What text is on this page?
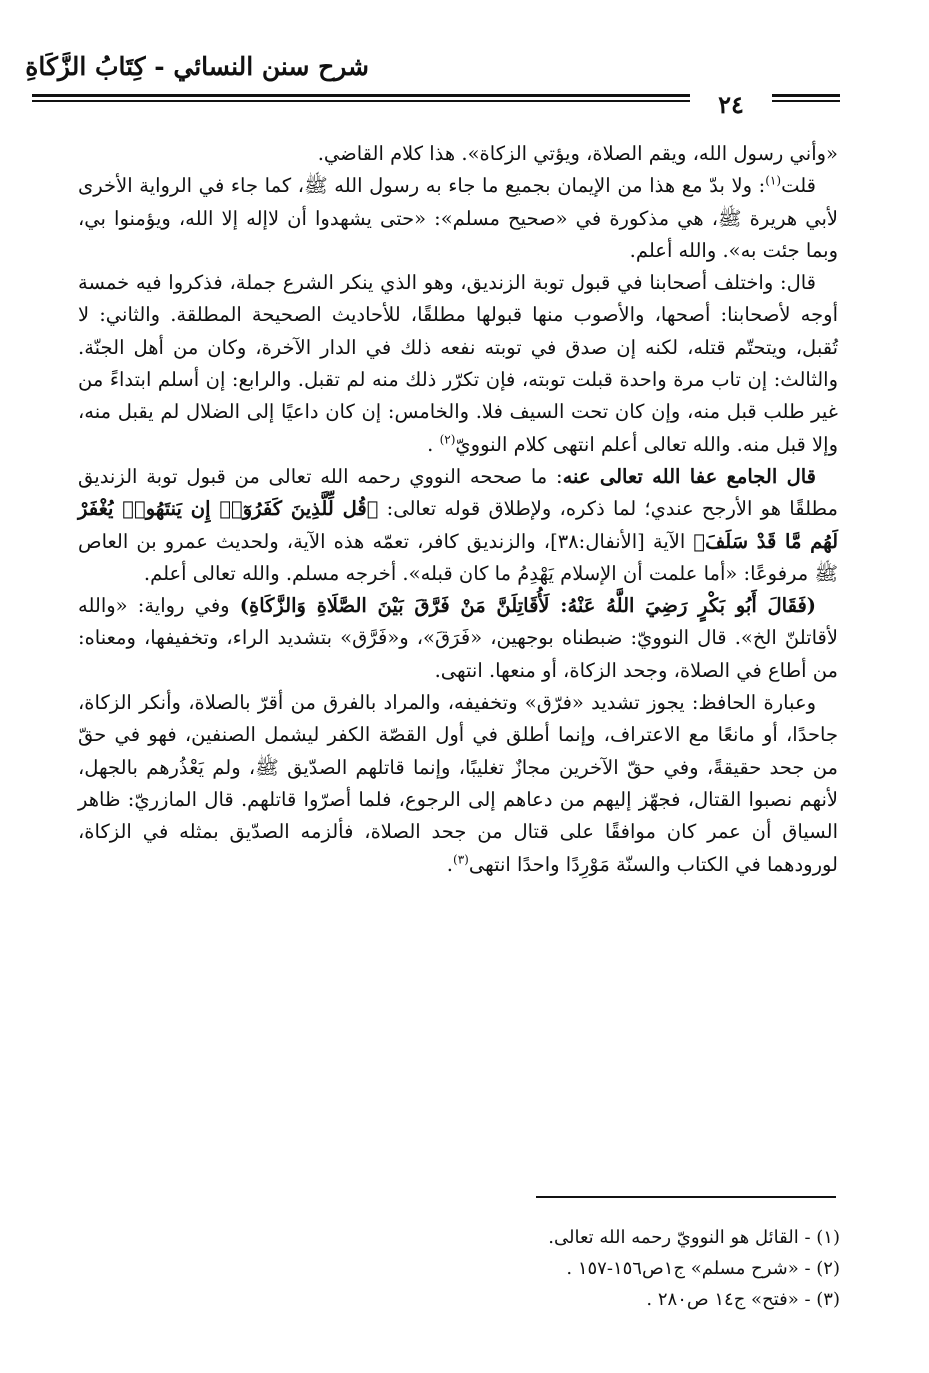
شرح سنن النسائي - كِتَابُ الزَّكَاةِ
٢٤

«وأني رسول الله، ويقم الصلاة، ويؤتي الزكاة». هذا كلام القاضي.

قلت$^{(١)}$: ولا بدّ مع هذا من الإيمان بجميع ما جاء به رسول الله ﷺ، كما جاء في الرواية الأخرى لأبي هريرة ﷺ، هي مذكورة في «صحيح مسلم»: «حتى يشهدوا أن لاإله إلا الله، ويؤمنوا بي، وبما جئت به». والله أعلم.

قال: واختلف أصحابنا في قبول توبة الزنديق، وهو الذي ينكر الشرع جملة، فذكروا فيه خمسة أوجه لأصحابنا: أصحها، والأصوب منها قبولها مطلقًا، للأحاديث الصحيحة المطلقة. والثاني: لا تُقبل، ويتحتّم قتله، لكنه إن صدق في توبته نفعه ذلك في الدار الآخرة، وكان من أهل الجنّة. والثالث: إن تاب مرة واحدة قبلت توبته، فإن تكرّر ذلك منه لم تقبل. والرابع: إن أسلم ابتداءً من غير طلب قبل منه، وإن كان تحت السيف فلا. والخامس: إن كان داعيًا إلى الضلال لم يقبل منه، وإلا قبل منه. والله تعالى أعلم انتهى كلام النوويّ$^{(٢)}$ .

قال الجامع عفا الله تعالى عنه: ما صححه النووي رحمه الله تعالى من قبول توبة الزنديق مطلقًا هو الأرجح عندي؛ لما ذكره، ولإطلاق قوله تعالى: ﴿قُل لِّلَّذِينَ كَفَرُوٓا۟ إِن يَنتَهُوا۟ يُغْفَرْ لَهُم مَّا قَدْ سَلَفَ﴾ الآية [الأنفال:٣٨]، والزنديق كافر، تعمّه هذه الآية، ولحديث عمرو بن العاص ﷺ مرفوعًا: «أما علمت أن الإسلام يَهْدِمُ ما كان قبله». أخرجه مسلم. والله تعالى أعلم.

(فَقَالَ أَبُو بَكْرٍ رَضِيَ اللَّهُ عَنْهُ: لَأُقَاتِلَنَّ مَنْ فَرَّقَ بَيْنَ الصَّلَاةِ وَالزَّكَاةِ) وفي رواية: «والله لأقاتلنّ الخ». قال النوويّ: ضبطناه بوجهين، «فَرَقَ»، و«فَرَّق» بتشديد الراء، وتخفيفها، ومعناه: من أطاع في الصلاة، وجحد الزكاة، أو منعها. انتهى.

وعبارة الحافظ: يجوز تشديد «فرّق» وتخفيفه، والمراد بالفرق من أقرّ بالصلاة، وأنكر الزكاة، جاحدًا، أو مانعًا مع الاعتراف، وإنما أطلق في أول القصّة الكفر ليشمل الصنفين، فهو في حقّ من جحد حقيقةً، وفي حقّ الآخرين مجازٌ تغليبًا، وإنما قاتلهم الصدّيق ﷺ، ولم يَعْذُرهم بالجهل، لأنهم نصبوا القتال، فجهّز إليهم من دعاهم إلى الرجوع، فلما أصرّوا قاتلهم. قال المازريّ: ظاهر السياق أن عمر كان موافقًا على قتال من جحد الصلاة، فألزمه الصدّيق بمثله في الزكاة، لورودهما في الكتاب والسنّة مَوْرِدًا واحدًا انتهى$^{(٣)}$.

(١) - القائل هو النوويّ رحمه الله تعالى.
(٢) - «شرح مسلم» ج١ص١٥٦-١٥٧ .
(٣) - «فتح» ج١٤ ص٢٨٠ .
